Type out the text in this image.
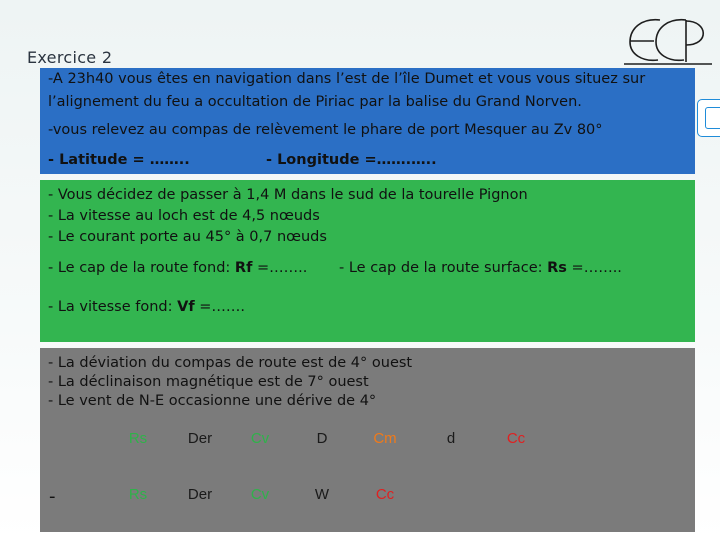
Exercice 2
-A 23h40 vous êtes en navigation dans l’est de l’île Dumet et vous vous situez sur
l’alignement du feu a occultation de Piriac par la balise du Grand Norven.
-vous relevez au compas de relèvement le phare de port Mesquer au Zv 80°
- Latitude = ……..	- Longitude =…….…..
- Vous décidez de passer à 1,4 M dans le sud de la tourelle Pignon
- La vitesse au loch est de 4,5 nœuds
- Le courant porte au 45° à 0,7 nœuds
- Le cap de la route fond: Rf =…….. - Le cap de la route surface: Rs =……..
- La vitesse fond: Vf =…….
- La déviation du compas de route est de 4° ouest
- La déclinaison magnétique est de 7° ouest
- Le vent de N-E occasionne une dérive de 4°
Rs	Der	Cv	D	Cm	d	Cc
-	Rs	Der	Cv	W	Cc
